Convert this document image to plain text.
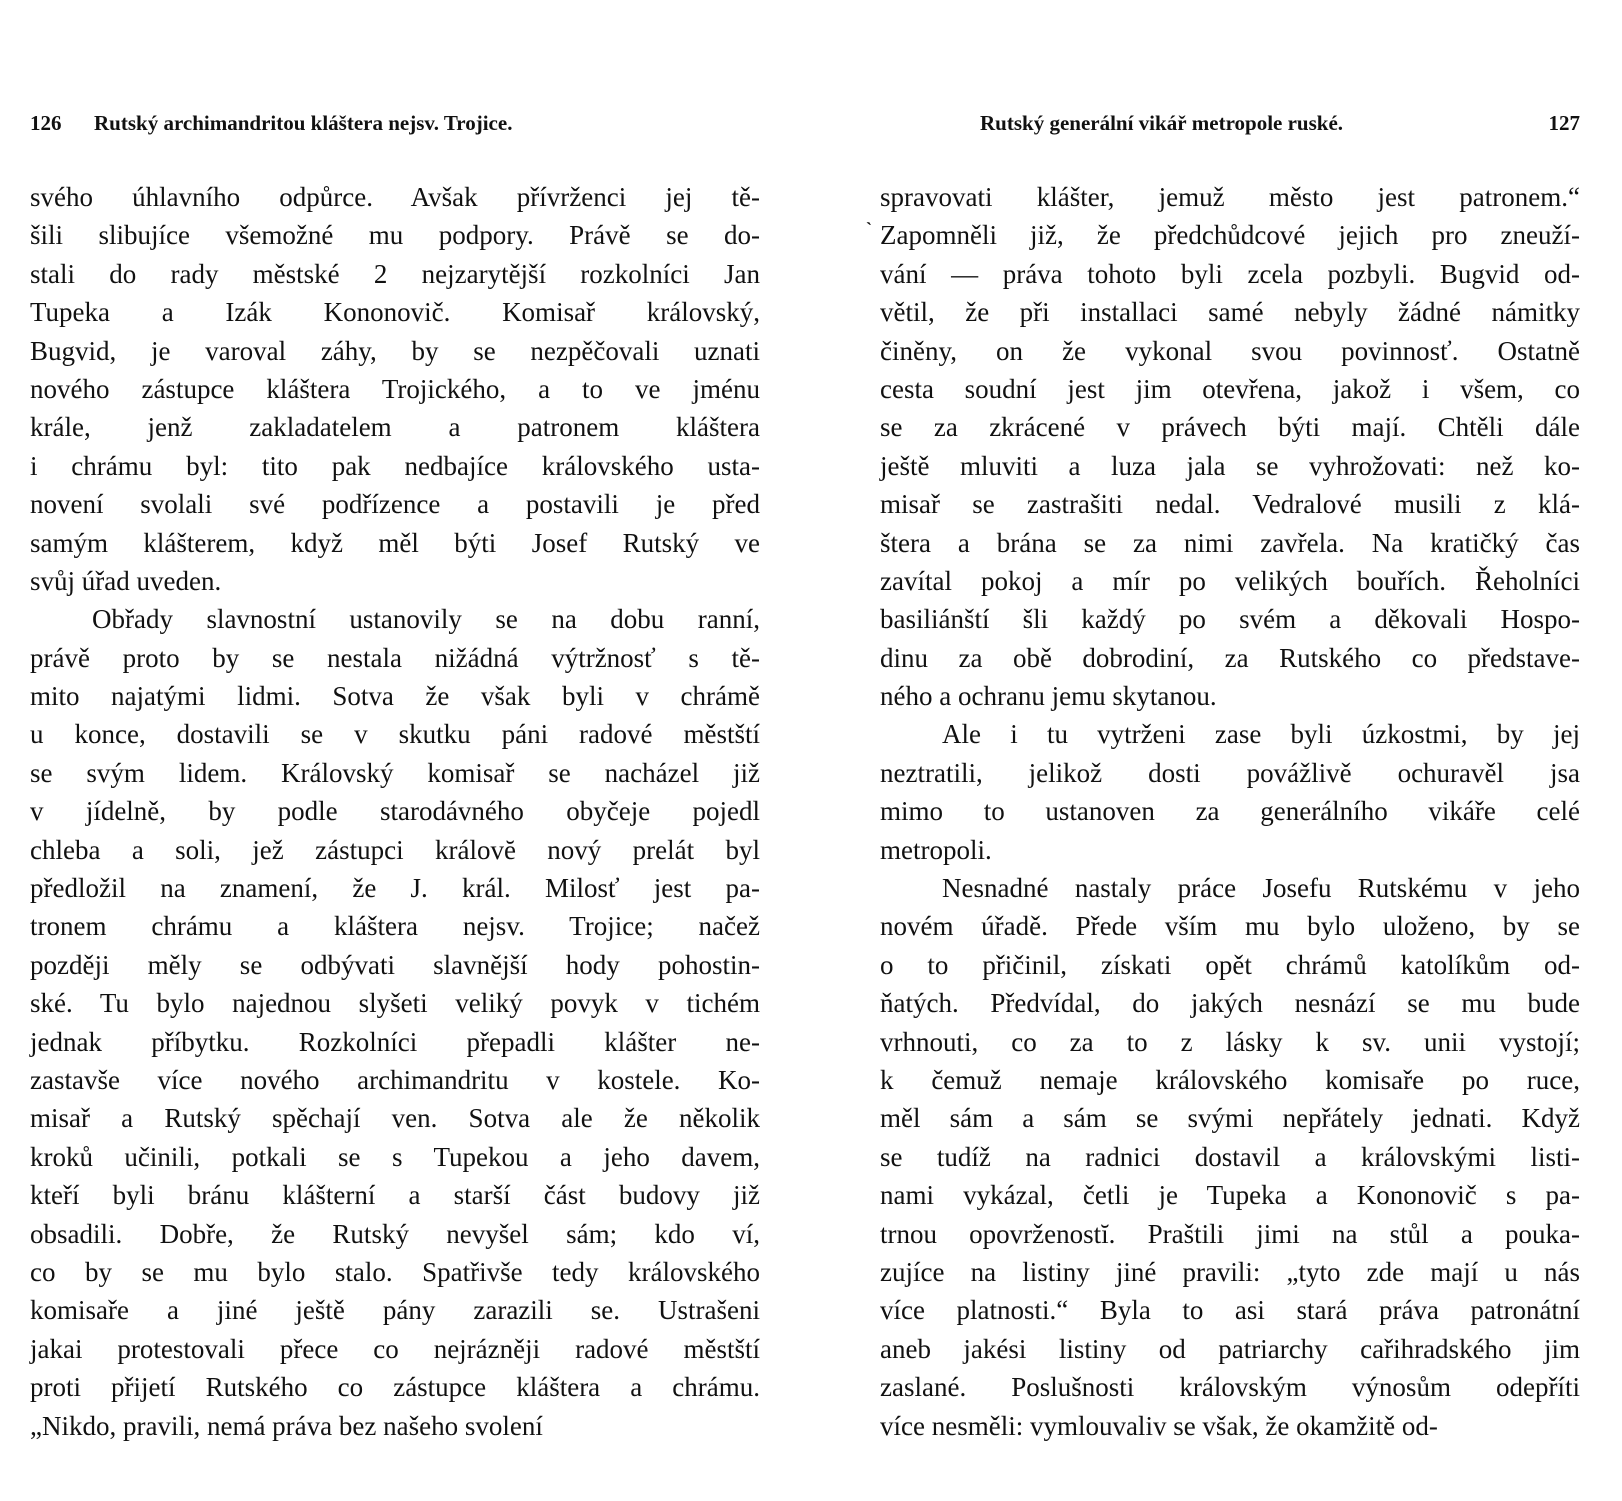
126 Rutský archimandritou kláštera nejsv. Trojice.
svého úhlavního odpůrce. Avšak přívrženci jej tě-
šili slibujíce všemožné mu podpory. Právě se do-
stali do rady městské 2 nejzarytější rozkolníci Jan
Tupeka a Izák Kononovič. Komisař královský,
Bugvid, je varoval záhy, by se nezpěčovali uznati
nového zástupce kláštera Trojického, a to ve jménu
krále, jenž zakladatelem a patronem kláštera
i chrámu byl: tito pak nedbajíce královského usta-
novení svolali své podřízence a postavili je před
samým klášterem, když měl býti Josef Rutský ve
svůj úřad uveden.
Obřady slavnostní ustanovily se na dobu ranní,
právě proto by se nestala nižádná výtržnosť s tě-
mito najatými lidmi. Sotva že však byli v chrámě
u konce, dostavili se v skutku páni radové městští
se svým lidem. Královský komisař se nacházel již
v jídelně, by podle starodávného obyčeje pojedl
chleba a soli, jež zástupci královĕ nový prelát byl
předložil na znamení, že J. král. Milosť jest pa-
tronem chrámu a kláštera nejsv. Trojice; načež
později měly se odbývati slavnější hody pohostin-
ské. Tu bylo najednou slyšeti veliký povyk v tichém
jednak příbytku. Rozkolníci přepadli klášter ne-
zastavše více nového archimandritu v kostele. Ko-
misař a Rutský spěchají ven. Sotva ale že několik
kroků učinili, potkali se s Tupekou a jeho davem,
kteří byli bránu klášterní a starší část budovy již
obsadili. Dobře, že Rutský nevyšel sám; kdo ví,
co by se mu bylo stalo. Spatřivše tedy královského
komisaře a jiné ještě pány zarazili se. Ustrašeni
jakai protestovali přece co nejrázněji radové městští
proti přijetí Rutského co zástupce kláštera a chrámu.
„Nikdo, pravili, nemá práva bez našeho svolení
`
Rutský generální vikář metropole ruské.	127
spravovati klášter, jemuž město jest patronem.“
Zapomněli již, že předchůdcové jejich pro zneuží-
vání — práva tohoto byli zcela pozbyli. Bugvid od-
větil, že při installaci samé nebyly žádné námitky
činěny, on že vykonal svou povinnosť. Ostatně
cesta soudní jest jim otevřena, jakož i všem, co
se za zkrácené v právech býti mají. Chtěli dále
ještě mluviti a luza jala se vyhrožovati: než ko-
misař se zastrašiti nedal. Vedralové musili z klá-
štera a brána se za nimi zavřela. Na kratičký čas
zavítal pokoj a mír po velikých bouřích. Řeholníci
basiliánští šli každý po svém a děkovali Hospo-
dinu za obě dobrodiní, za Rutského co představe-
ného a ochranu jemu skytanou.
Ale i tu vytrženi zase byli úzkostmi, by jej
neztratili, jelikož dosti povážlivě ochuravěl jsa
mimo to ustanoven za generálního vikáře celé
metropoli.
Nesnadné nastaly práce Josefu Rutskému v jeho
novém úřadě. Přede vším mu bylo uloženo, by se
o to přičinil, získati opět chrámů katolíkům od-
ňatých. Předvídal, do jakých nesnází se mu bude
vrhnouti, co za to z lásky k sv. unii vystojí;
k čemuž nemaje královského komisaře po ruce,
měl sám a sám se svými nepřátely jednati. Když
se tudíž na radnici dostavil a královskými listi-
nami vykázal, četli je Tupeka a Kononovič s pa-
trnou opovrženostĭ. Praštili jimi na stůl a pouka-
zujíce na listiny jiné pravili: „tyto zde mají u nás
více platnosti.“ Byla to asi stará práva patronátní
aneb jakési listiny od patriarchy cařihradského jim
zaslané. Poslušnosti královským výnosům odepříti
více nesměli: vymlouvaliv se však, že okamžitě od-
